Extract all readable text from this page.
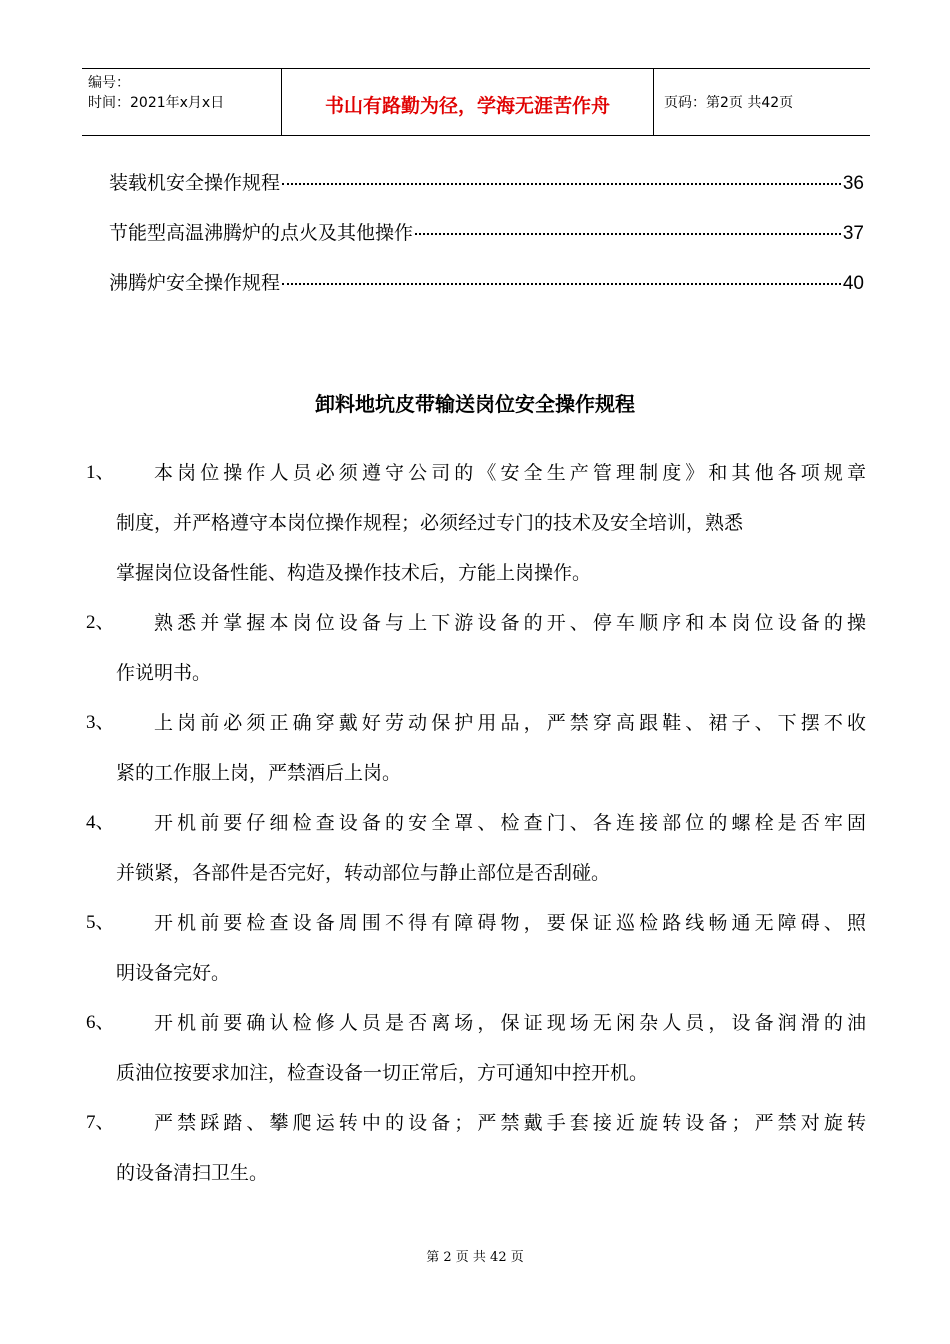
编号：
时间：2021年x月x日	书山有路勤为径，学海无涯苦作舟	页码：第2页 共42页
装载机安全操作规程	36
节能型高温沸腾炉的点火及其他操作	37
沸腾炉安全操作规程	40
卸料地坑皮带输送岗位安全操作规程
1、	本岗位操作人员必须遵守公司的《安全生产管理制度》和其他各项规章
制度，并严格遵守本岗位操作规程；必须经过专门的技术及安全培训，熟悉
掌握岗位设备性能、构造及操作技术后，方能上岗操作。
2、	熟悉并掌握本岗位设备与上下游设备的开、停车顺序和本岗位设备的操
作说明书。
3、	上岗前必须正确穿戴好劳动保护用品，严禁穿高跟鞋、裙子、下摆不收
紧的工作服上岗，严禁酒后上岗。
4、	开机前要仔细检查设备的安全罩、检查门、各连接部位的螺栓是否牢固
并锁紧，各部件是否完好，转动部位与静止部位是否刮碰。
5、	开机前要检查设备周围不得有障碍物，要保证巡检路线畅通无障碍、照
明设备完好。
6、	开机前要确认检修人员是否离场，保证现场无闲杂人员，设备润滑的油
质油位按要求加注，检查设备一切正常后，方可通知中控开机。
7、	严禁踩踏、攀爬运转中的设备；严禁戴手套接近旋转设备；严禁对旋转
的设备清扫卫生。
第 2 页 共 42 页
